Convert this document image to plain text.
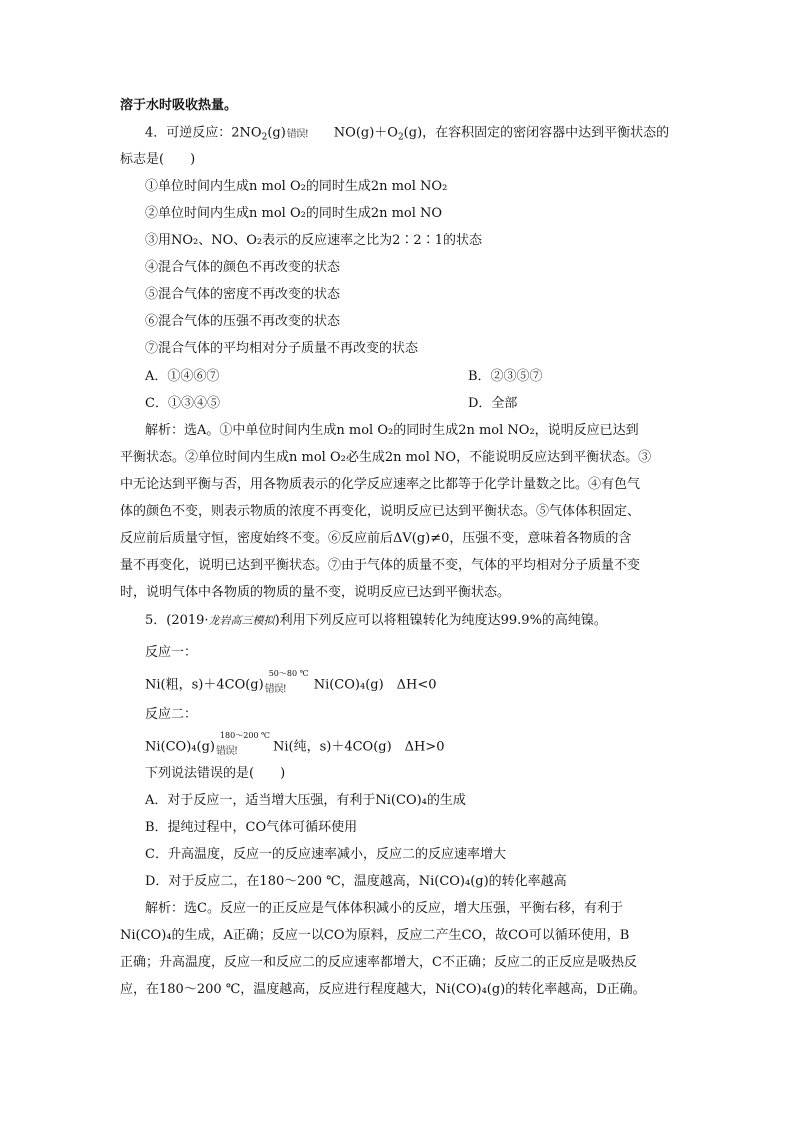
溶于水时吸收热量。
4．可逆反应：$2NO_2(g)$ 错误! $NO(g)+O_2(g)$，在容积固定的密闭容器中达到平衡状态的
标志是(　　)
①单位时间内生成n mol O₂的同时生成2n mol NO₂
②单位时间内生成n mol O₂的同时生成2n mol NO
③用NO₂、NO、O₂表示的反应速率之比为2∶2∶1的状态
④混合气体的颜色不再改变的状态
⑤混合气体的密度不再改变的状态
⑥混合气体的压强不再改变的状态
⑦混合气体的平均相对分子质量不再改变的状态
A．①④⑥⑦	B．②③⑤⑦
C．①③④⑤	D．全部
解析：选A。①中单位时间内生成n mol O₂的同时生成2n mol NO₂，说明反应已达到
平衡状态。②单位时间内生成n mol O₂必生成2n mol NO，不能说明反应达到平衡状态。③
中无论达到平衡与否，用各物质表示的化学反应速率之比都等于化学计量数之比。④有色气
体的颜色不变，则表示物质的浓度不再变化，说明反应已达到平衡状态。⑤气体体积固定、
反应前后质量守恒，密度始终不变。⑥反应前后ΔV(g)≠0，压强不变，意味着各物质的含
量不再变化，说明已达到平衡状态。⑦由于气体的质量不变，气体的平均相对分子质量不变
时，说明气体中各物质的物质的量不变，说明反应已达到平衡状态。
5．(2019·龙岩高三模拟)利用下列反应可以将粗镍转化为纯度达99.9%的高纯镍。
反应一：
Ni(粗，s)＋4CO(g)
50～80 ℃
错误! Ni(CO)₄(g)　ΔH<0
反应二：
Ni(CO)₄(g)
180～200 ℃
错误!	Ni(纯，s)＋4CO(g)　ΔH>0
下列说法错误的是(　　)
A．对于反应一，适当增大压强，有利于Ni(CO)₄的生成
B．提纯过程中，CO气体可循环使用
C．升高温度，反应一的反应速率减小，反应二的反应速率增大
D．对于反应二，在180～200 ℃，温度越高，Ni(CO)₄(g)的转化率越高
解析：选C。反应一的正反应是气体体积减小的反应，增大压强，平衡右移，有利于
Ni(CO)₄的生成，A正确；反应一以CO为原料，反应二产生CO，故CO可以循环使用，B
正确；升高温度，反应一和反应二的反应速率都增大，C不正确；反应二的正反应是吸热反
应，在180～200 ℃，温度越高，反应进行程度越大，Ni(CO)₄(g)的转化率越高，D正确。
